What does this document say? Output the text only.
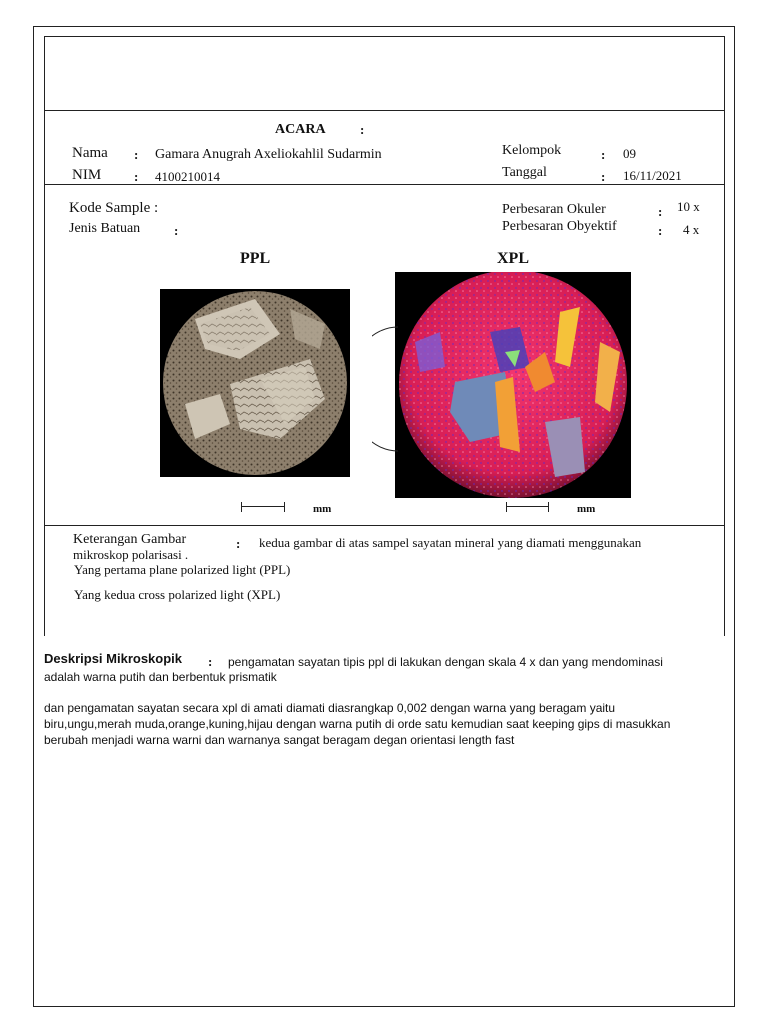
ACARA	:
Nama : Gamara Anugrah Axeliokahlil Sudarmin
NIM	: 4100210014
Kelompok	: 09
Tanggal	: 16/11/2021
Kode Sample :
Jenis Batuan	:
Perbesaran Okuler	: 10 x
Perbesaran Obyektif	: 4 x
PPL	XPL
mm	mm
Keterangan Gambar	: kedua gambar di atas sampel sayatan mineral yang diamati menggunakan
mikroskop polarisasi .
Yang pertama plane polarized light (PPL)
Yang kedua cross polarized light (XPL)
Deskripsi Mikroskopik : pengamatan sayatan tipis ppl di lakukan dengan skala 4 x dan yang mendominasi
adalah warna putih dan berbentuk prismatik
dan pengamatan sayatan secara xpl di amati diamati diasrangkap 0,002 dengan warna yang beragam yaitu
biru,ungu,merah muda,orange,kuning,hijau dengan warna putih di orde satu kemudian saat keeping gips di masukkan
berubah menjadi warna warni dan warnanya sangat beragam degan orientasi length fast
